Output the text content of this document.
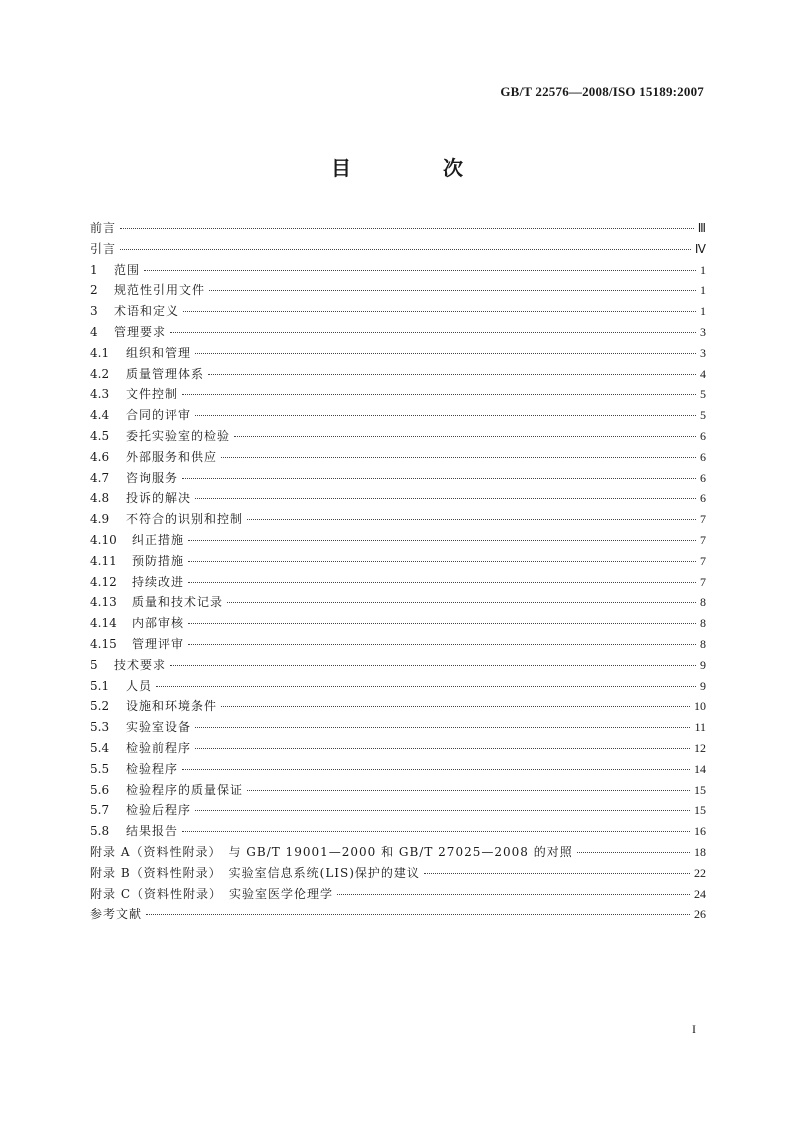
GB/T 22576—2008/ISO 15189:2007
目　次
前言	Ⅲ
引言	Ⅳ
1	范围	1
2	规范性引用文件	1
3	术语和定义	1
4	管理要求	3
4.1	组织和管理	3
4.2	质量管理体系	4
4.3	文件控制	5
4.4	合同的评审	5
4.5	委托实验室的检验	6
4.6	外部服务和供应	6
4.7	咨询服务	6
4.8	投诉的解决	6
4.9	不符合的识别和控制	7
4.10	纠正措施	7
4.11	预防措施	7
4.12	持续改进	7
4.13	质量和技术记录	8
4.14	内部审核	8
4.15	管理评审	8
5	技术要求	9
5.1	人员	9
5.2	设施和环境条件	10
5.3	实验室设备	11
5.4	检验前程序	12
5.5	检验程序	14
5.6	检验程序的质量保证	15
5.7	检验后程序	15
5.8	结果报告	16
附录 A（资料性附录）　与 GB/T 19001—2000 和 GB/T 27025—2008 的对照	18
附录 B（资料性附录）　实验室信息系统(LIS)保护的建议	22
附录 C（资料性附录）　实验室医学伦理学	24
参考文献	26
I
